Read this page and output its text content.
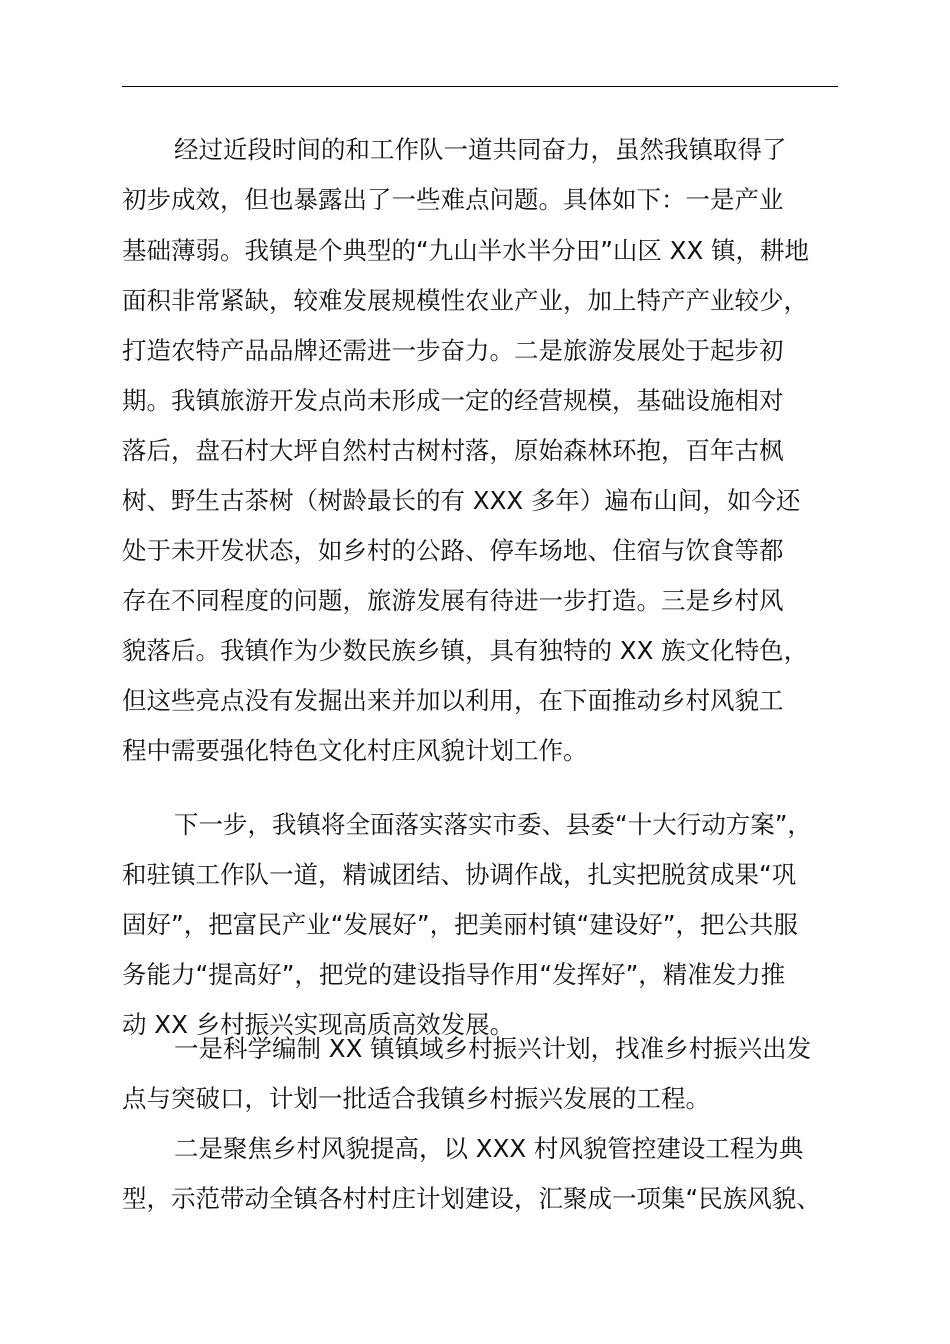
经过近段时间的和工作队一道共同奋力，虽然我镇取得了
初步成效，但也暴露出了一些难点问题。具体如下：一是产业
基础薄弱。我镇是个典型的“九山半水半分田”山区 XX 镇，耕地
面积非常紧缺，较难发展规模性农业产业，加上特产产业较少，
打造农特产品品牌还需进一步奋力。二是旅游发展处于起步初
期。我镇旅游开发点尚未形成一定的经营规模，基础设施相对
落后，盘石村大坪自然村古树村落，原始森林环抱，百年古枫
树、野生古茶树（树龄最长的有 XXX 多年）遍布山间，如今还
处于未开发状态，如乡村的公路、停车场地、住宿与饮食等都
存在不同程度的问题，旅游发展有待进一步打造。三是乡村风
貌落后。我镇作为少数民族乡镇，具有独特的 XX 族文化特色，
但这些亮点没有发掘出来并加以利用，在下面推动乡村风貌工
程中需要强化特色文化村庄风貌计划工作。
下一步，我镇将全面落实落实市委、县委“十大行动方案”，
和驻镇工作队一道，精诚团结、协调作战，扎实把脱贫成果“巩
固好”，把富民产业“发展好”，把美丽村镇“建设好”，把公共服
务能力“提高好”，把党的建设指导作用“发挥好”，精准发力推
动 XX 乡村振兴实现高质高效发展。
一是科学编制 XX 镇镇域乡村振兴计划，找准乡村振兴出发
点与突破口，计划一批适合我镇乡村振兴发展的工程。
二是聚焦乡村风貌提高，以 XXX 村风貌管控建设工程为典
型，示范带动全镇各村村庄计划建设，汇聚成一项集“民族风貌、
